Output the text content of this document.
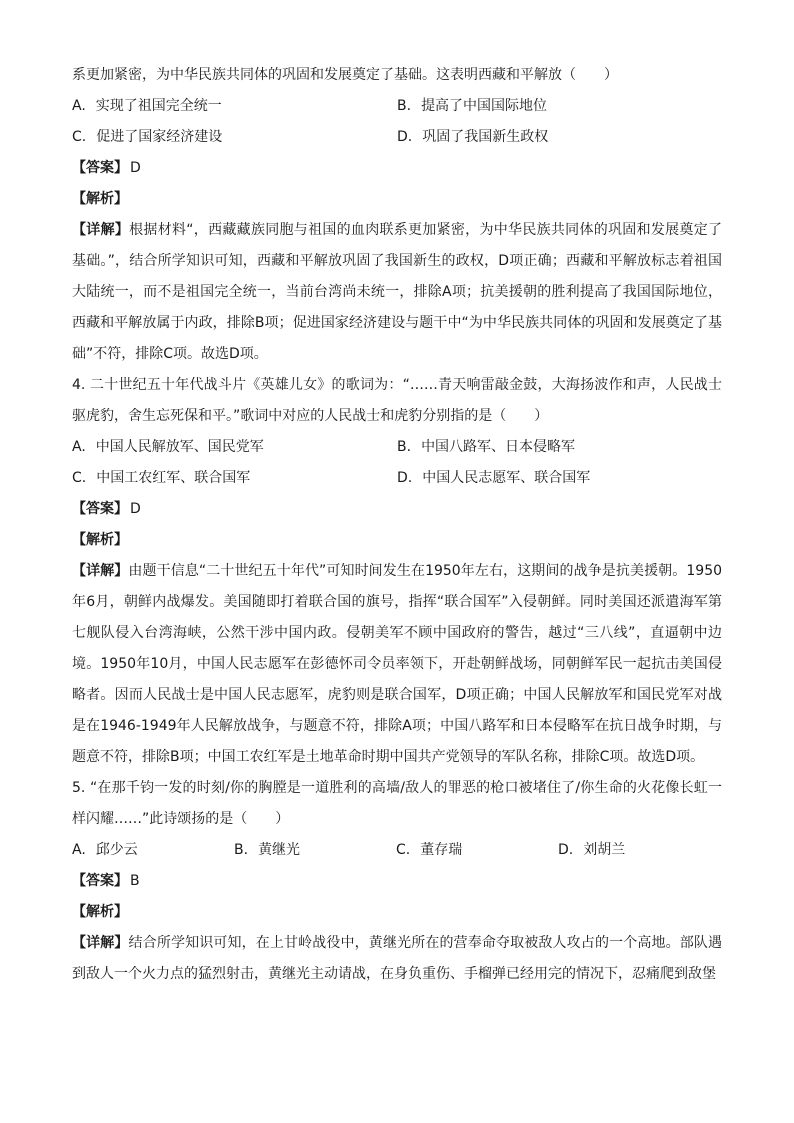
系更加紧密，为中华民族共同体的巩固和发展奠定了基础。这表明西藏和平解放（　　）

A. 实现了祖国完全统一	B. 提高了中国国际地位
C. 促进了国家经济建设	D. 巩固了我国新生政权

【答案】 D

【解析】

【详解】根据材料“，西藏藏族同胞与祖国的血肉联系更加紧密，为中华民族共同体的巩固和发展奠定了基础。”，结合所学知识可知，西藏和平解放巩固了我国新生的政权，D项正确；西藏和平解放标志着祖国大陆统一，而不是祖国完全统一，当前台湾尚未统一，排除A项；抗美援朝的胜利提高了我国国际地位，西藏和平解放属于内政，排除B项；促进国家经济建设与题干中“为中华民族共同体的巩固和发展奠定了基础”不符，排除C项。故选D项。

4. 二十世纪五十年代战斗片《英雄儿女》的歌词为：“……青天响雷敲金鼓，大海扬波作和声，人民战士驱虎豹，舍生忘死保和平。”歌词中对应的人民战士和虎豹分别指的是（　　）

A. 中国人民解放军、国民党军	B. 中国八路军、日本侵略军
C. 中国工农红军、联合国军	D. 中国人民志愿军、联合国军

【答案】 D

【解析】

【详解】由题干信息“二十世纪五十年代”可知时间发生在1950年左右，这期间的战争是抗美援朝。1950年6月，朝鲜内战爆发。美国随即打着联合国的旗号，指挥“联合国军”入侵朝鲜。同时美国还派遣海军第七舰队侵入台湾海峡，公然干涉中国内政。侵朝美军不顾中国政府的警告，越过“三八线”，直逼朝中边境。1950年10月，中国人民志愿军在彭德怀司令员率领下，开赴朝鲜战场，同朝鲜军民一起抗击美国侵略者。因而人民战士是中国人民志愿军，虎豹则是联合国军，D项正确；中国人民解放军和国民党军对战是在1946-1949年人民解放战争，与题意不符，排除A项；中国八路军和日本侵略军在抗日战争时期，与题意不符，排除B项；中国工农红军是土地革命时期中国共产党领导的军队名称，排除C项。故选D项。

5. “在那千钧一发的时刻/你的胸膛是一道胜利的高墙/敌人的罪恶的枪口被堵住了/你生命的火花像长虹一样闪耀……”此诗颂扬的是（　　）

A. 邱少云	B. 黄继光	C. 董存瑞	D. 刘胡兰

【答案】 B

【解析】

【详解】结合所学知识可知，在上甘岭战役中，黄继光所在的营奉命夺取被敌人攻占的一个高地。部队遇到敌人一个火力点的猛烈射击，黄继光主动请战，在身负重伤、手榴弹已经用完的情况下，忍痛爬到敌堡
